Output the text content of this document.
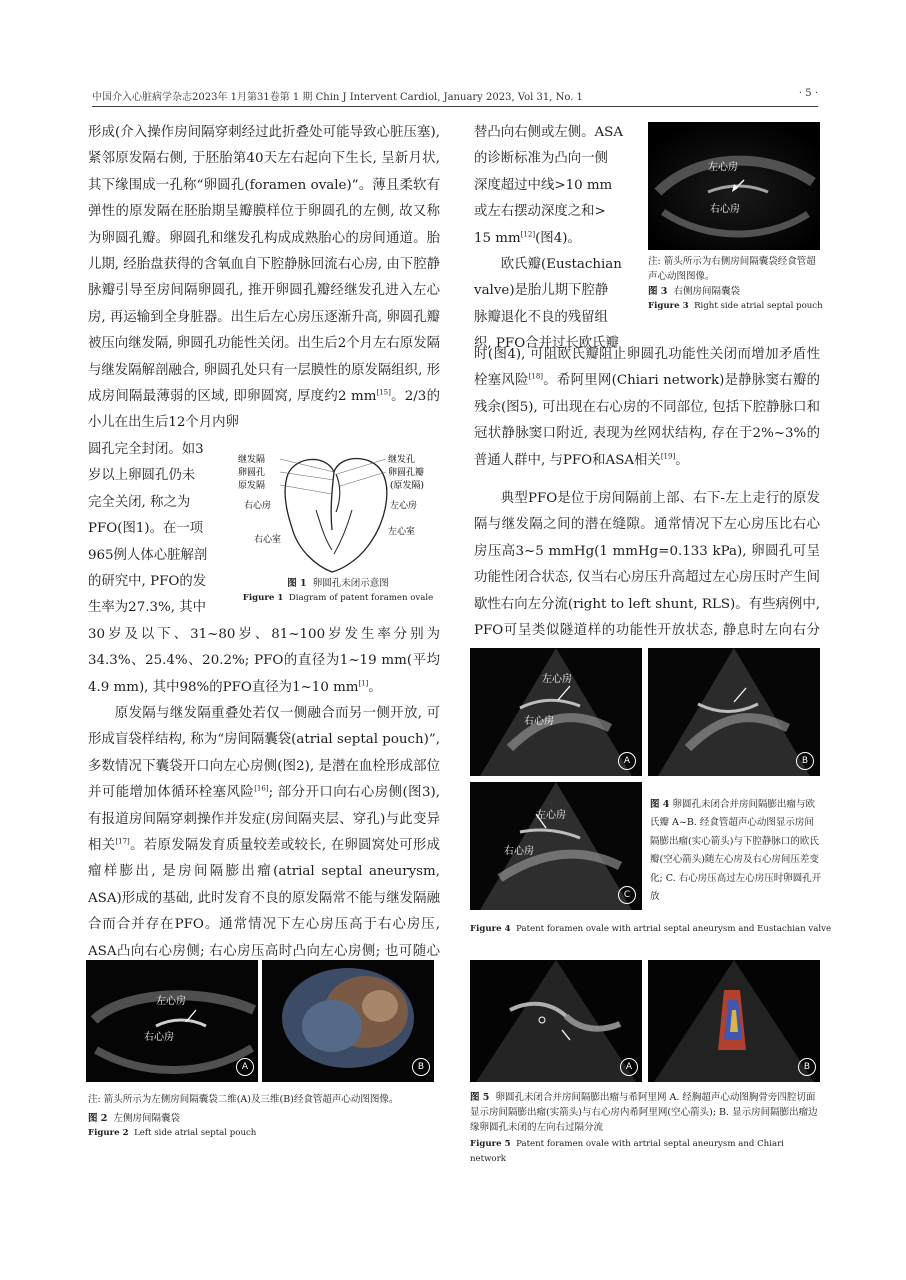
中国介入心脏病学杂志2023年 1月第31卷第 1 期 Chin J Intervent Cardiol, January 2023, Vol 31, No. 1	· 5 ·

形成(介入操作房间隔穿刺经过此折叠处可能导致心脏压塞), 紧邻原发隔右侧, 于胚胎第40天左右起向下生长, 呈新月状, 其下缘围成一孔称“卵圆孔(foramen ovale)”。薄且柔软有弹性的原发隔在胚胎期呈瓣膜样位于卵圆孔的左侧, 故又称为卵圆孔瓣。卵圆孔和继发孔构成成熟胎心的房间通道。胎儿期, 经胎盘获得的含氧血自下腔静脉回流右心房, 由下腔静脉瓣引导至房间隔卵圆孔, 推开卵圆孔瓣经继发孔进入左心房, 再运输到全身脏器。出生后左心房压逐渐升高, 卵圆孔瓣被压向继发隔, 卵圆孔功能性关闭。出生后2个月左右原发隔与继发隔解剖融合, 卵圆孔处只有一层膜性的原发隔组织, 形成房间隔最薄弱的区域, 即卵圆窝, 厚度约2 mm[15]。2/3的小儿在出生后12个月内卵

圆孔完全封闭。如3
岁以上卵圆孔仍未
完全关闭, 称之为
PFO(图1)。在一项
965例人体心脏解剖
的研究中, PFO的发
生率为27.3%, 其中

30岁及以下、31~80岁、81~100岁发生率分别为34.3%、25.4%、20.2%; PFO的直径为1~19 mm(平均4.9 mm), 其中98%的PFO直径为1~10 mm[1]。

原发隔与继发隔重叠处若仅一侧融合而另一侧开放, 可形成盲袋样结构, 称为“房间隔囊袋(atrial septal pouch)”, 多数情况下囊袋开口向左心房侧(图2), 是潜在血栓形成部位并可能增加体循环栓塞风险[16]; 部分开口向右心房侧(图3), 有报道房间隔穿刺操作并发症(房间隔夹层、穿孔)与此变异相关[17]。若原发隔发育质量较差或较长, 在卵圆窝处可形成瘤样膨出, 是房间隔膨出瘤(atrial septal aneurysm, ASA)形成的基础, 此时发育不良的原发隔常不能与继发隔融合而合并存在PFO。通常情况下左心房压高于右心房压, ASA凸向右心房侧; 右心房压高时凸向左心房侧; 也可随心

继发隔
卵圆孔
原发隔
右心房
右心室
继发孔
卵圆孔瓣
(原发隔)
左心房
左心室
图 1 卵圆孔未闭示意图
Figure 1 Diagram of patent foramen ovale
替凸向右侧或左侧。ASA
的诊断标准为凸向一侧
深度超过中线>10 mm
或左右摆动深度之和>
15 mm[12](图4)。
欧氏瓣(Eustachian
valve)是胎儿期下腔静
脉瓣退化不良的残留组
织, PFO合并过长欧氏瓣
左心房
右心房
注: 箭头所示为右侧房间隔囊袋经食管超声心动图图像。
图 3 右侧房间隔囊袋
Figure 3 Right side atrial septal pouch

时(图4), 可阻欧氏瓣阻止卵圆孔功能性关闭而增加矛盾性栓塞风险[18]。希阿里网(Chiari network)是静脉窦右瓣的残余(图5), 可出现在右心房的不同部位, 包括下腔静脉口和冠状静脉窦口附近, 表现为丝网状结构, 存在于2%~3%的普通人群中, 与PFO和ASA相关[19]。

典型PFO是位于房间隔前上部、右下-左上走行的原发隔与继发隔之间的潜在缝隙。通常情况下左心房压比右心房压高3~5 mmHg(1 mmHg=0.133 kPa), 卵圆孔可呈功能性闭合状态, 仅当右心房压升高超过左心房压时产生间歇性右向左分流(right to left shunt, RLS)。有些病例中, PFO可呈类似隧道样的功能性开放状态, 静息时左向右分

左心房
右心房
A	B
左心房
右心房
C
图 4 卵圆孔未闭合并房间隔膨出瘤与欧氏瓣 A~B. 经食管超声心动图显示房间隔膨出瘤(实心箭头)与下腔静脉口的欧氏瓣(空心箭头)随左心房及右心房间压差变化; C. 右心房压高过左心房压时卵圆孔开放
Figure 4 Patent foramen ovale with artrial septal aneurysm and Eustachian valve
左心房
右心房
A	B
注: 箭头所示为左侧房间隔囊袋二维(A)及三维(B)经食管超声心动图图像。
图 2 左侧房间隔囊袋
Figure 2 Left side atrial septal pouch
A	B
图 5 卵圆孔未闭合并房间隔膨出瘤与希阿里网 A. 经胸超声心动图胸骨旁四腔切面显示房间隔膨出瘤(实箭头)与右心房内希阿里网(空心箭头); B. 显示房间隔膨出瘤边缘卵圆孔未闭的左向右过隔分流
Figure 5 Patent foramen ovale with artrial septal aneurysm and Chiari network
